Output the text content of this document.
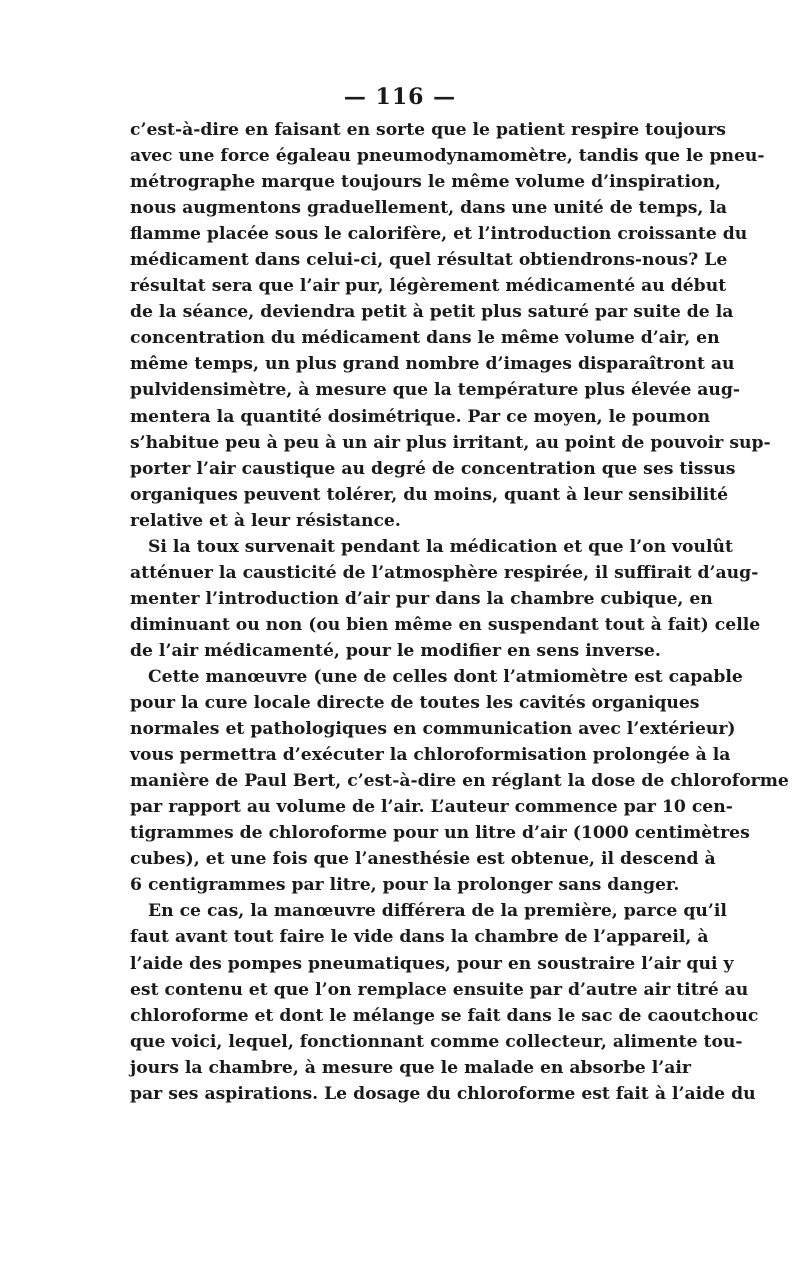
— 116 —

c’est-à-dire en faisant en sorte que le patient respire toujours
avec une force égaleau pneumodynamomètre, tandis que le pneu-
métrographe marque toujours le même volume d’inspiration,
nous augmentons graduellement, dans une unité de temps, la
flamme placée sous le calorifère, et l’introduction croissante du
médicament dans celui-ci, quel résultat obtiendrons-nous? Le
résultat sera que l’air pur, légèrement médicamenté au début
de la séance, deviendra petit à petit plus saturé par suite de la
concentration du médicament dans le même volume d’air, en
même temps, un plus grand nombre d’images disparaîtront au
pulvidensimètre, à mesure que la température plus élevée aug-
mentera la quantité dosimétrique. Par ce moyen, le poumon
s’habitue peu à peu à un air plus irritant, au point de pouvoir sup-
porter l’air caustique au degré de concentration que ses tissus
organiques peuvent tolérer, du moins, quant à leur sensibilité
relative et à leur résistance.

Si la toux survenait pendant la médication et que l’on voulût
atténuer la causticité de l’atmosphère respirée, il suffirait d’aug-
menter l’introduction d’air pur dans la chambre cubique, en
diminuant ou non (ou bien même en suspendant tout à fait) celle
de l’air médicamenté, pour le modifier en sens inverse.

Cette manœuvre (une de celles dont l’atmiomètre est capable
pour la cure locale directe de toutes les cavités organiques
normales et pathologiques en communication avec l’extérieur)
vous permettra d’exécuter la chloroformisation prolongée à la
manière de Paul Bert, c’est-à-dire en réglant la dose de chloroforme
par rapport au volume de l’air. L’auteur commence par 10 cen-
tigrammes de chloroforme pour un litre d’air (1000 centimètres
cubes), et une fois que l’anesthésie est obtenue, il descend à
6 centigrammes par litre, pour la prolonger sans danger.

En ce cas, la manœuvre différera de la première, parce qu’il
faut avant tout faire le vide dans la chambre de l’appareil, à
l’aide des pompes pneumatiques, pour en soustraire l’air qui y
est contenu et que l’on remplace ensuite par d’autre air titré au
chloroforme et dont le mélange se fait dans le sac de caoutchouc
que voici, lequel, fonctionnant comme collecteur, alimente tou-
jours la chambre, à mesure que le malade en absorbe l’air
par ses aspirations. Le dosage du chloroforme est fait à l’aide du
